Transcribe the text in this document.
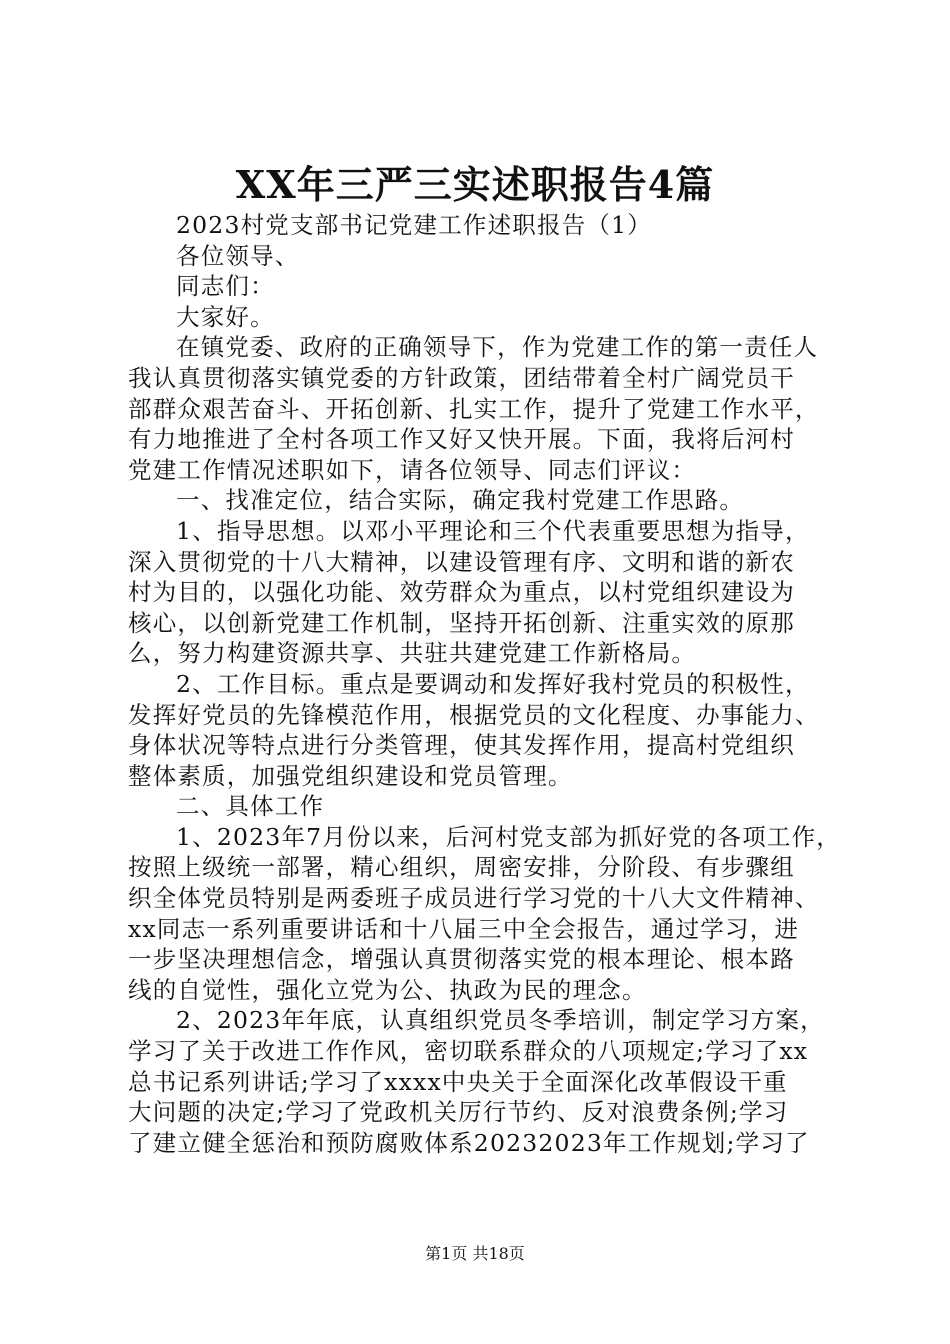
XX年三严三实述职报告4篇
2023村党支部书记党建工作述职报告（1）
各位领导、
同志们：
大家好。
在镇党委、政府的正确领导下，作为党建工作的第一责任人
我认真贯彻落实镇党委的方针政策，团结带着全村广阔党员干
部群众艰苦奋斗、开拓创新、扎实工作，提升了党建工作水平，
有力地推进了全村各项工作又好又快开展。下面，我将后河村
党建工作情况述职如下，请各位领导、同志们评议：
一、找准定位，结合实际，确定我村党建工作思路。
1、指导思想。以邓小平理论和三个代表重要思想为指导，
深入贯彻党的十八大精神，以建设管理有序、文明和谐的新农
村为目的，以强化功能、效劳群众为重点，以村党组织建设为
核心，以创新党建工作机制，坚持开拓创新、注重实效的原那
么，努力构建资源共享、共驻共建党建工作新格局。
2、工作目标。重点是要调动和发挥好我村党员的积极性，
发挥好党员的先锋模范作用，根据党员的文化程度、办事能力、
身体状况等特点进行分类管理，使其发挥作用，提高村党组织
整体素质，加强党组织建设和党员管理。
二、具体工作
1、2023年7月份以来，后河村党支部为抓好党的各项工作，
按照上级统一部署，精心组织，周密安排，分阶段、有步骤组
织全体党员特别是两委班子成员进行学习党的十八大文件精神、
xx同志一系列重要讲话和十八届三中全会报告，通过学习，进
一步坚决理想信念，增强认真贯彻落实党的根本理论、根本路
线的自觉性，强化立党为公、执政为民的理念。
2、2023年年底，认真组织党员冬季培训，制定学习方案，
学习了关于改进工作作风，密切联系群众的八项规定;学习了xx
总书记系列讲话;学习了xxxx中央关于全面深化改革假设干重
大问题的决定;学习了党政机关厉行节约、反对浪费条例;学习
了建立健全惩治和预防腐败体系20232023年工作规划;学习了
第1页 共18页
